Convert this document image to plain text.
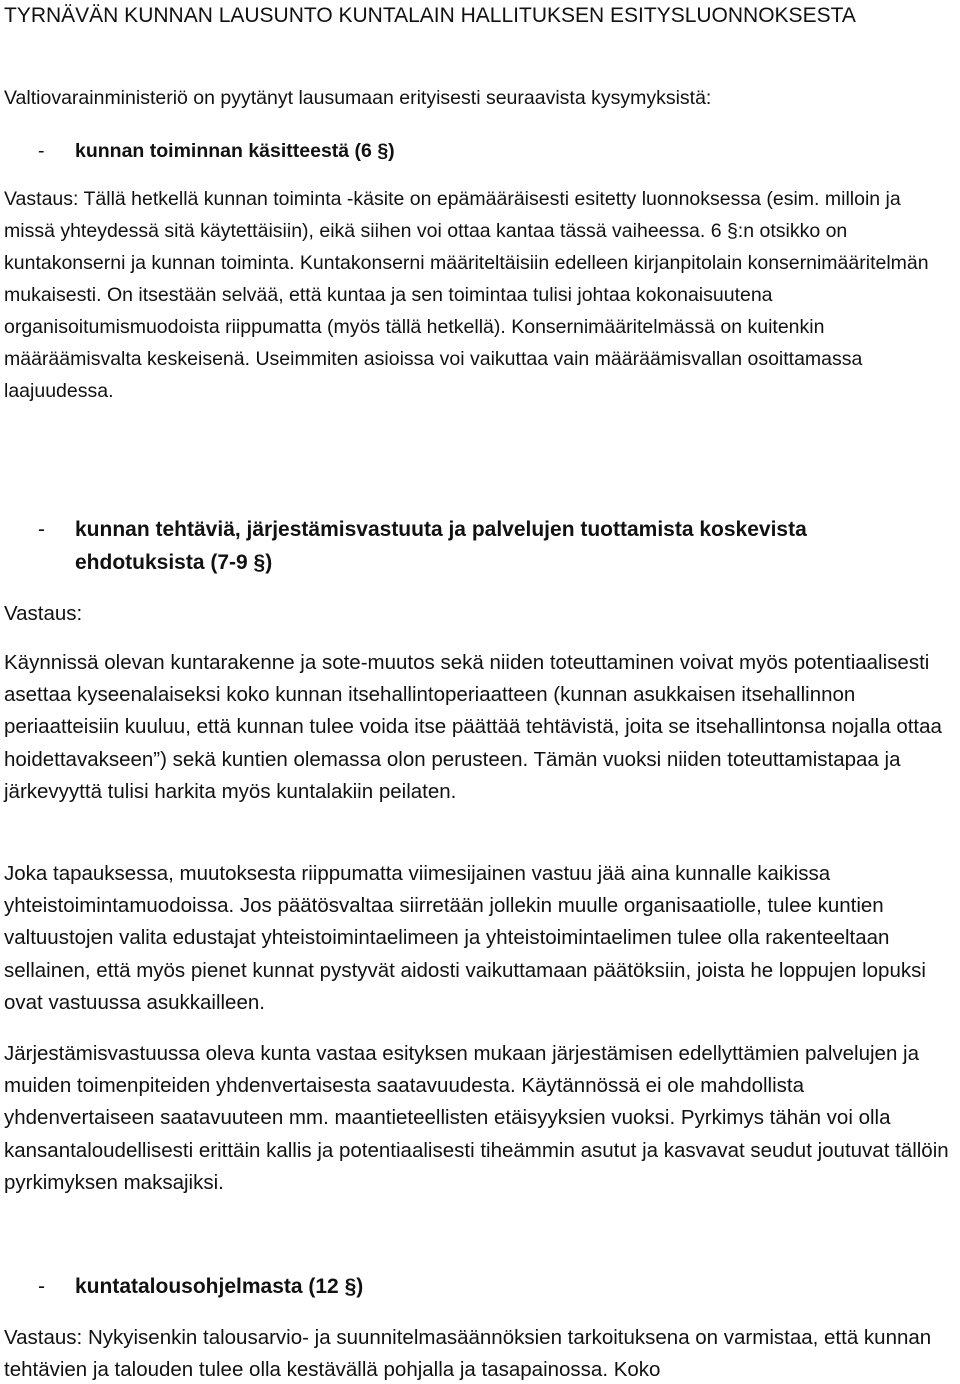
TYRNÄVÄN KUNNAN LAUSUNTO KUNTALAIN HALLITUKSEN ESITYSLUONNOKSESTA

Valtiovarainministeriö on pyytänyt lausumaan erityisesti seuraavista kysymyksistä:

- kunnan toiminnan käsitteestä (6 §)

Vastaus: Tällä hetkellä kunnan toiminta -käsite on epämääräisesti esitetty luonnoksessa (esim. milloin ja missä yhteydessä sitä käytettäisiin), eikä siihen voi ottaa kantaa tässä vaiheessa. 6 §:n otsikko on kuntakonserni ja kunnan toiminta. Kuntakonserni määriteltäisiin edelleen kirjanpitolain konsernimääritelmän mukaisesti. On itsestään selvää, että kuntaa ja sen toimintaa tulisi johtaa kokonaisuutena organisoitumismuodoista riippumatta (myös tällä hetkellä). Konsernimääritelmässä on kuitenkin määräämisvalta keskeisenä. Useimmiten asioissa voi vaikuttaa vain määräämisvallan osoittamassa laajuudessa.

- kunnan tehtäviä, järjestämisvastuuta ja palvelujen tuottamista koskevista ehdotuksista (7-9 §)

Vastaus:

Käynnissä olevan kuntarakenne ja sote-muutos sekä niiden toteuttaminen voivat myös potentiaalisesti asettaa kyseenalaiseksi koko kunnan itsehallintoperiaatteen (kunnan asukkaisen itsehallinnon periaatteisiin kuuluu, että kunnan tulee voida itse päättää tehtävistä, joita se itsehallintonsa nojalla ottaa hoidettavakseen”) sekä kuntien olemassa olon perusteen. Tämän vuoksi niiden toteuttamistapaa ja järkevyyttä tulisi harkita myös kuntalakiin peilaten.

Joka tapauksessa, muutoksesta riippumatta viimesijainen vastuu jää aina kunnalle kaikissa yhteistoimintamuodoissa. Jos päätösvaltaa siirretään jollekin muulle organisaatiolle, tulee kuntien valtuustojen valita edustajat yhteistoimintaelimeen ja yhteistoimintaelimen tulee olla rakenteeltaan sellainen, että myös pienet kunnat pystyvät aidosti vaikuttamaan päätöksiin, joista he loppujen lopuksi ovat vastuussa asukkailleen.

Järjestämisvastuussa oleva kunta vastaa esityksen mukaan järjestämisen edellyttämien palvelujen ja muiden toimenpiteiden yhdenvertaisesta saatavuudesta. Käytännössä ei ole mahdollista yhdenvertaiseen saatavuuteen mm. maantieteellisten etäisyyksien vuoksi. Pyrkimys tähän voi olla kansantaloudellisesti erittäin kallis ja potentiaalisesti tiheämmin asutut ja kasvavat seudut joutuvat tällöin pyrkimyksen maksajiksi.

- kuntatalousohjelmasta (12 §)

Vastaus: Nykyisenkin talousarvio- ja suunnitelmasäännöksien tarkoituksena on varmistaa, että kunnan tehtävien ja talouden tulee olla kestävällä pohjalla ja tasapainossa. Koko
